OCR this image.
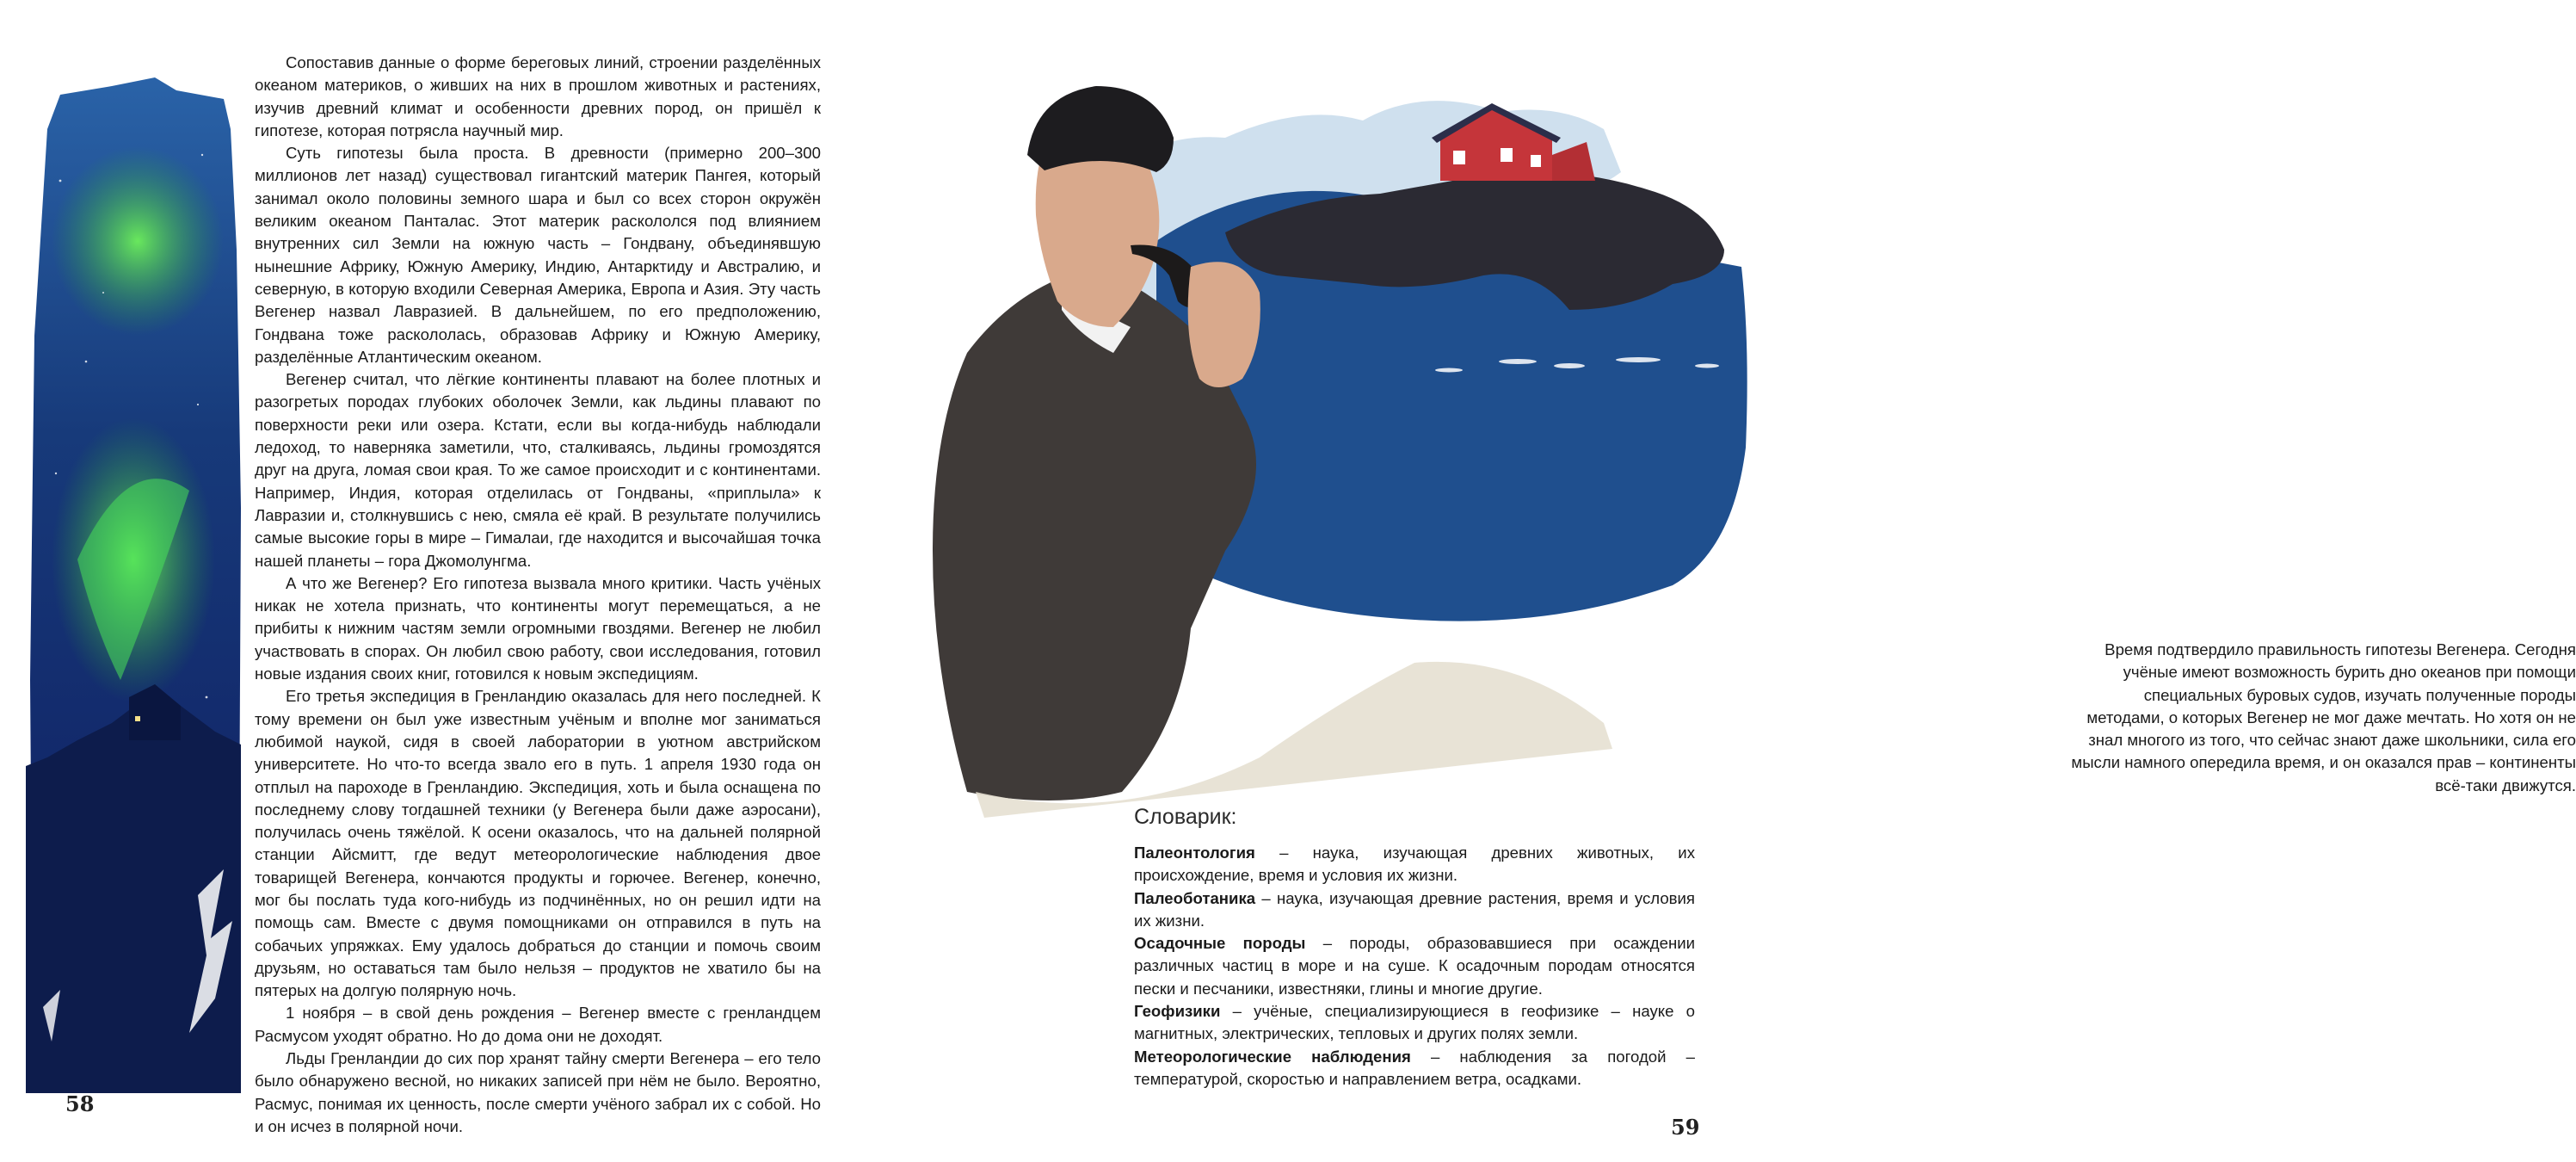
Сопоставив данные о форме береговых линий, строении разделённых океаном материков, о живших на них в прошлом животных и растениях, изучив древний климат и особенности древних пород, он пришёл к гипотезе, которая потрясла научный мир.

Суть гипотезы была проста. В древности (примерно 200–300 миллионов лет назад) существовал гигантский материк Пангея, который занимал около половины земного шара и был со всех сторон окружён великим океаном Панталас. Этот материк раскололся под влиянием внутренних сил Земли на южную часть – Гондвану, объединявшую нынешние Африку, Южную Америку, Индию, Антарктиду и Австралию, и северную, в которую входили Северная Америка, Европа и Азия. Эту часть Вегенер назвал Лавразией. В дальнейшем, по его предположению, Гондвана тоже раскололась, образовав Африку и Южную Америку, разделённые Атлантическим океаном.

Вегенер считал, что лёгкие континенты плавают на более плотных и разогретых породах глубоких оболочек Земли, как льдины плавают по поверхности реки или озера. Кстати, если вы когда-нибудь наблюдали ледоход, то наверняка заметили, что, сталкиваясь, льдины громоздятся друг на друга, ломая свои края. То же самое происходит и с континентами. Например, Индия, которая отделилась от Гондваны, «приплыла» к Лавразии и, столкнувшись с нею, смяла её край. В результате получились самые высокие горы в мире – Гималаи, где находится и высочайшая точка нашей планеты – гора Джомолунгма.

А что же Вегенер? Его гипотеза вызвала много критики. Часть учёных никак не хотела признать, что континенты могут перемещаться, а не прибиты к нижним частям земли огромными гвоздями. Вегенер не любил участвовать в спорах. Он любил свою работу, свои исследования, готовил новые издания своих книг, готовился к новым экспедициям.

Его третья экспедиция в Гренландию оказалась для него последней. К тому времени он был уже известным учёным и вполне мог заниматься любимой наукой, сидя в своей лаборатории в уютном австрийском университете. Но что-то всегда звало его в путь. 1 апреля 1930 года он отплыл на пароходе в Гренландию. Экспедиция, хоть и была оснащена по последнему слову тогдашней техники (у Вегенера были даже аэросани), получилась очень тяжёлой. К осени оказалось, что на дальней полярной станции Айсмитт, где ведут метеорологические наблюдения двое товарищей Вегенера, кончаются продукты и горючее. Вегенер, конечно, мог бы послать туда кого-нибудь из подчинённых, но он решил идти на помощь сам. Вместе с двумя помощниками он отправился в путь на собачьих упряжках. Ему удалось добраться до станции и помочь своим друзьям, но оставаться там было нельзя – продуктов не хватило бы на пятерых на долгую полярную ночь.

1 ноября – в свой день рождения – Вегенер вместе с гренландцем Расмусом уходят обратно. Но до дома они не доходят.

Льды Гренландии до сих пор хранят тайну смерти Вегенера – его тело было обнаружено весной, но никаких записей при нём не было. Вероятно, Расмус, понимая их ценность, после смерти учёного забрал их с собой. Но и он исчез в полярной ночи.

58

Время подтвердило правильность гипотезы Вегенера. Сегодня учёные имеют возможность бурить дно океанов при помощи специальных буровых судов, изучать полученные породы методами, о которых Вегенер не мог даже мечтать. Но хотя он не знал многого из того, что сейчас знают даже школьники, сила его мысли намного опередила время, и он оказался прав – континенты всё-таки движутся.

Словарик:

Палеонтология – наука, изучающая древних животных, их происхождение, время и условия их жизни.

Палеоботаника – наука, изучающая древние растения, время и условия их жизни.

Осадочные породы – породы, образовавшиеся при осаждении различных частиц в море и на суше. К осадочным породам относятся пески и песчаники, известняки, глины и многие другие.

Геофизики – учёные, специализирующиеся в геофизике – науке о магнитных, электрических, тепловых и других полях земли.

Метеорологические наблюдения – наблюдения за погодой – температурой, скоростью и направлением ветра, осадками.

59
